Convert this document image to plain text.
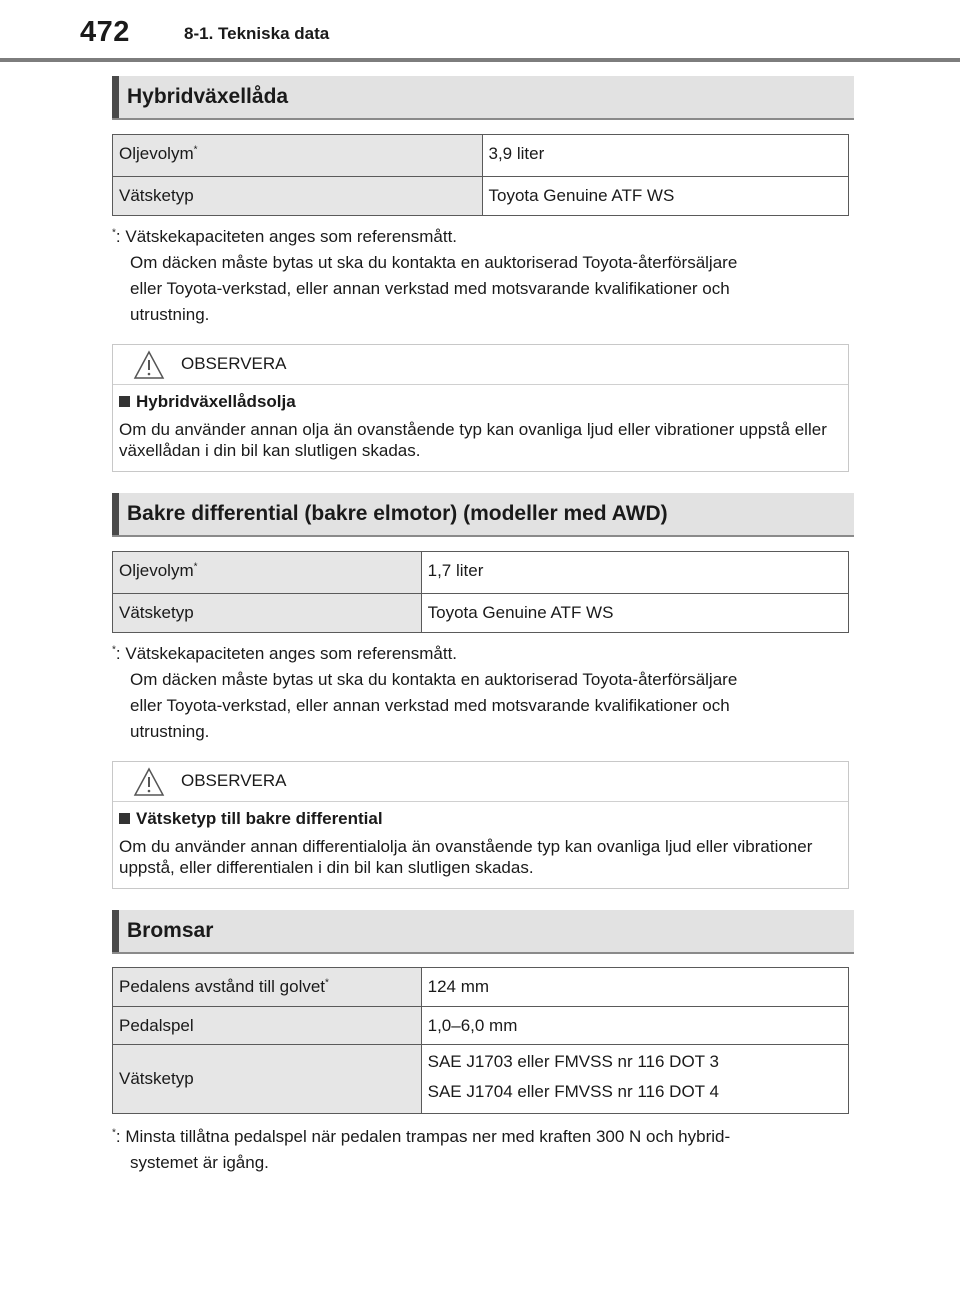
472	8-1. Tekniska data
Hybridväxellåda
Oljevolym*	3,9 liter
Vätsketyp	Toyota Genuine ATF WS
*: Vätskekapaciteten anges som referensmått.
Om däcken måste bytas ut ska du kontakta en auktoriserad Toyota-återförsäljare
eller Toyota-verkstad, eller annan verkstad med motsvarande kvalifikationer och
utrustning.
OBSERVERA
Hybridväxellådsolja
Om du använder annan olja än ovanstående typ kan ovanliga ljud eller vibrationer uppstå eller växellådan i din bil kan slutligen skadas.
Bakre differential (bakre elmotor) (modeller med AWD)
Oljevolym*	1,7 liter
Vätsketyp	Toyota Genuine ATF WS
*: Vätskekapaciteten anges som referensmått.
Om däcken måste bytas ut ska du kontakta en auktoriserad Toyota-återförsäljare
eller Toyota-verkstad, eller annan verkstad med motsvarande kvalifikationer och
utrustning.
OBSERVERA
Vätsketyp till bakre differential
Om du använder annan differentialolja än ovanstående typ kan ovanliga ljud eller vibrationer uppstå, eller differentialen i din bil kan slutligen skadas.
Bromsar
Pedalens avstånd till golvet*	124 mm
Pedalspel	1,0–6,0 mm
Vätsketyp	SAE J1703 eller FMVSS nr 116 DOT 3
SAE J1704 eller FMVSS nr 116 DOT 4
*: Minsta tillåtna pedalspel när pedalen trampas ner med kraften 300 N och hybrid-
systemet är igång.
